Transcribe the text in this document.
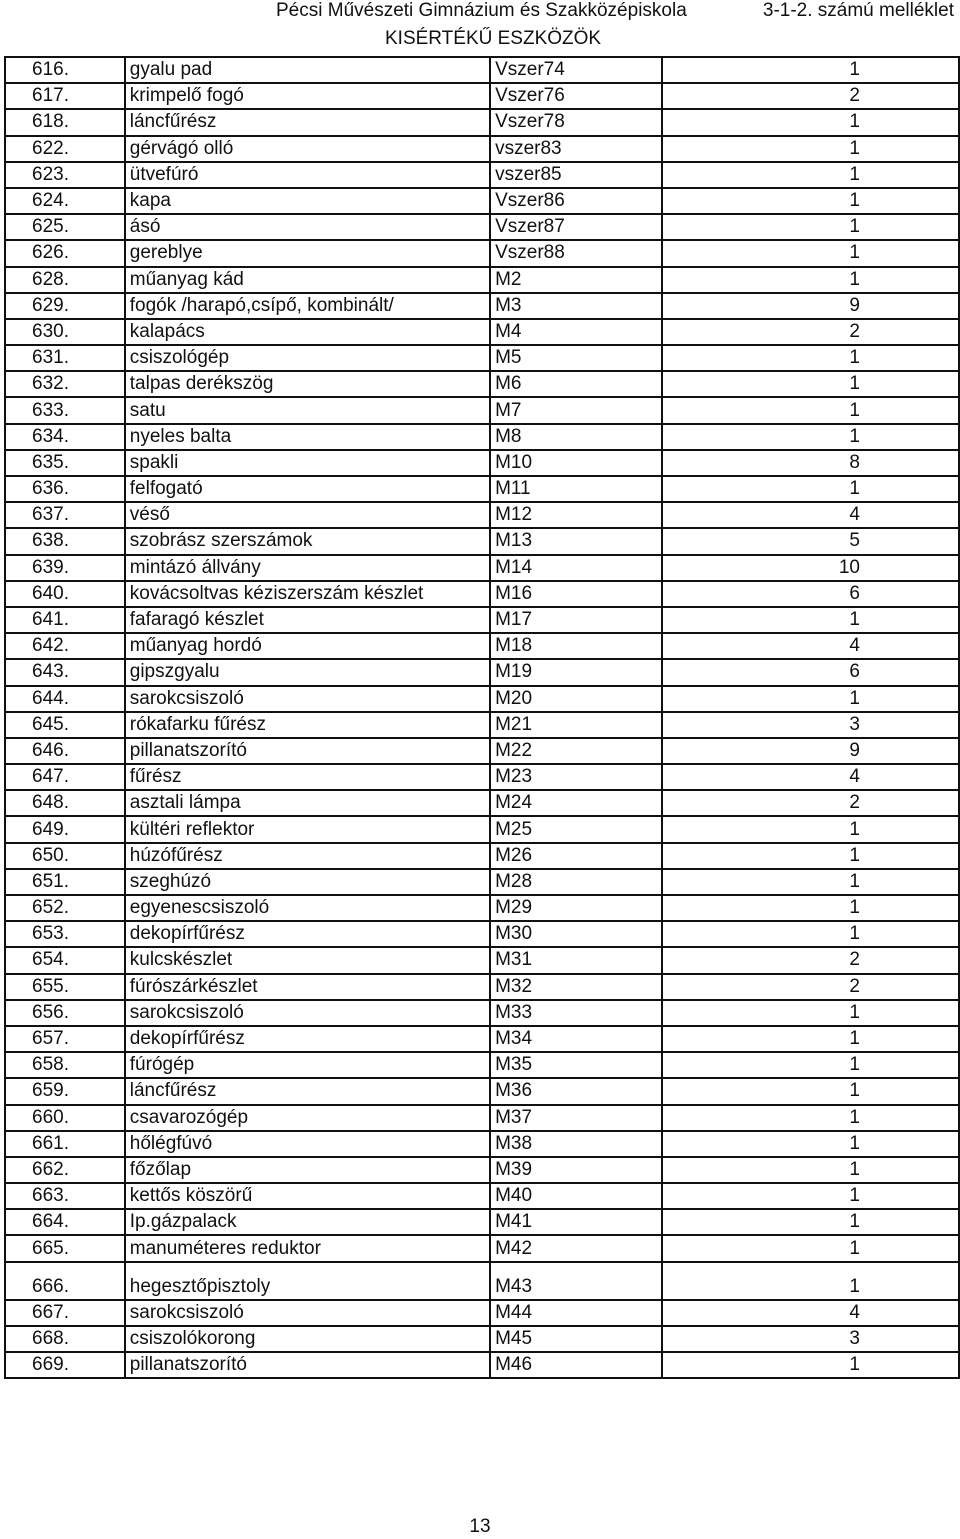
Pécsi Művészeti Gimnázium és Szakközépiskola	3-1-2. számú melléklet
KISÉRTÉKŰ ESZKÖZÖK
616.	gyalu pad	Vszer74	1
617.	krimpelő fogó	Vszer76	2
618.	láncfűrész	Vszer78	1
622.	gérvágó olló	vszer83	1
623.	ütvefúró	vszer85	1
624.	kapa	Vszer86	1
625.	ásó	Vszer87	1
626.	gereblye	Vszer88	1
628.	műanyag kád	M2	1
629.	fogók /harapó,csípő, kombinált/	M3	9
630.	kalapács	M4	2
631.	csiszológép	M5	1
632.	talpas derékszög	M6	1
633.	satu	M7	1
634.	nyeles balta	M8	1
635.	spakli	M10	8
636.	felfogató	M11	1
637.	véső	M12	4
638.	szobrász szerszámok	M13	5
639.	mintázó állvány	M14	10
640.	kovácsoltvas kéziszerszám készlet	M16	6
641.	fafaragó készlet	M17	1
642.	műanyag hordó	M18	4
643.	gipszgyalu	M19	6
644.	sarokcsiszoló	M20	1
645.	rókafarku fűrész	M21	3
646.	pillanatszorító	M22	9
647.	fűrész	M23	4
648.	asztali lámpa	M24	2
649.	kültéri reflektor	M25	1
650.	húzófűrész	M26	1
651.	szeghúzó	M28	1
652.	egyenescsiszoló	M29	1
653.	dekopírfűrész	M30	1
654.	kulcskészlet	M31	2
655.	fúrószárkészlet	M32	2
656.	sarokcsiszoló	M33	1
657.	dekopírfűrész	M34	1
658.	fúrógép	M35	1
659.	láncfűrész	M36	1
660.	csavarozógép	M37	1
661.	hőlégfúvó	M38	1
662.	főzőlap	M39	1
663.	kettős köszörű	M40	1
664.	Ip.gázpalack	M41	1
665.	manuméteres reduktor	M42	1
666.	hegesztőpisztoly	M43	1
667.	sarokcsiszoló	M44	4
668.	csiszolókorong	M45	3
669.	pillanatszorító	M46	1
13
